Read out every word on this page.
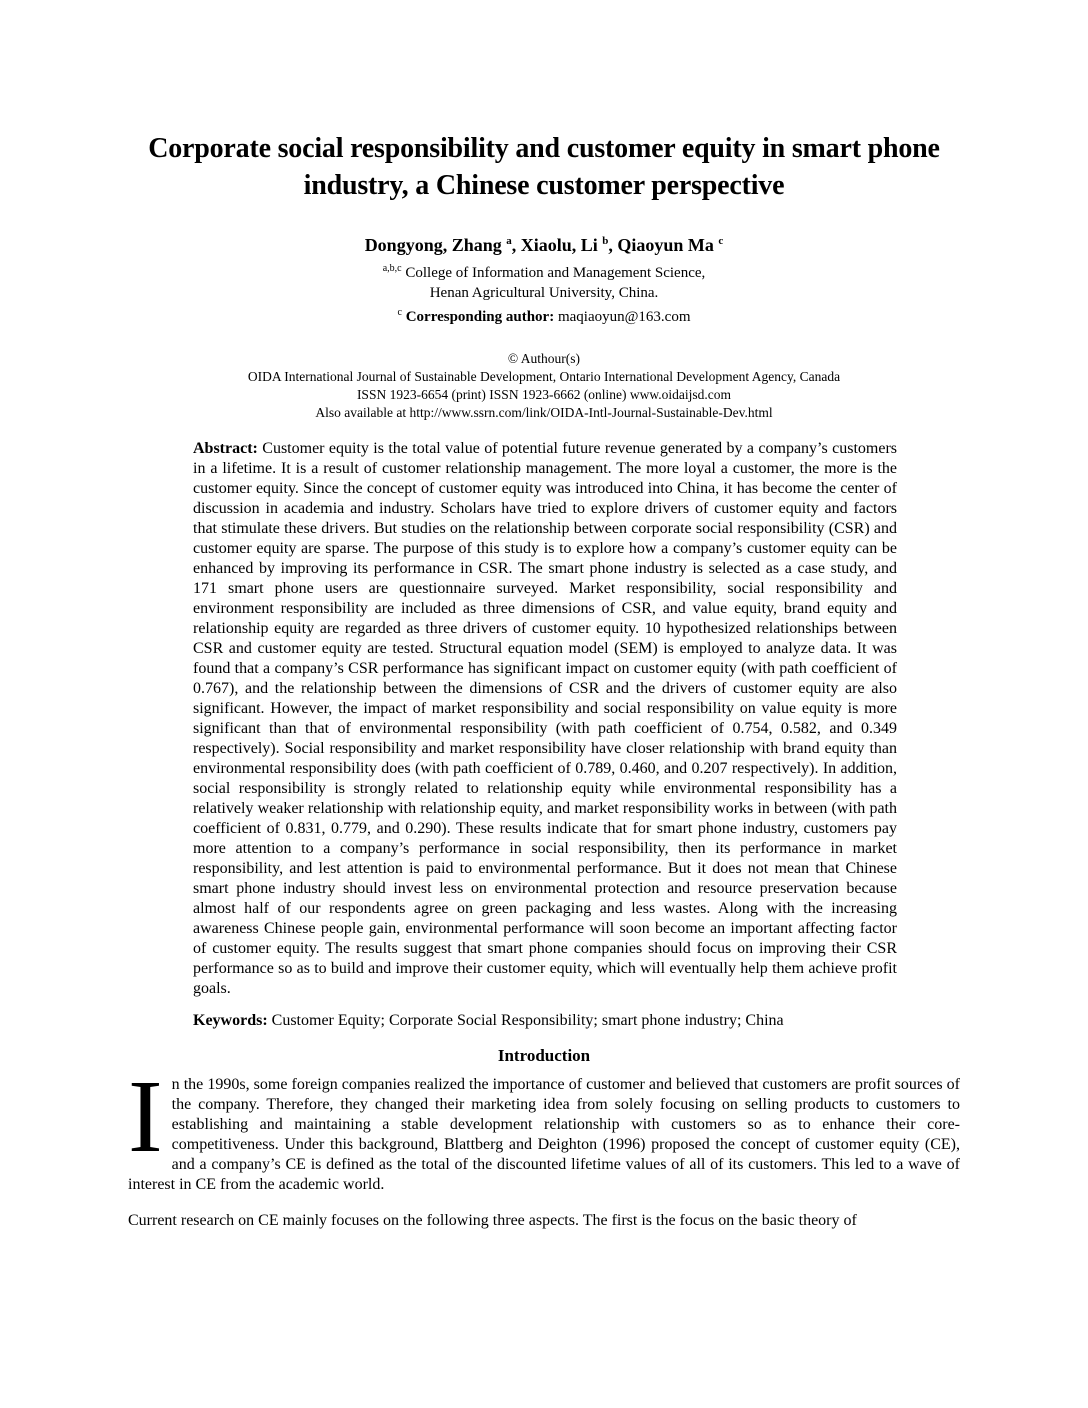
Corporate social responsibility and customer equity in smart phone industry, a Chinese customer perspective
Dongyong, Zhang $^a$, Xiaolu, Li $^b$, Qiaoyun Ma $^c$
$^{a,b,c}$ College of Information and Management Science,
Henan Agricultural University, China.
$^c$ Corresponding author: maqiaoyun@163.com
© Authour(s)
OIDA International Journal of Sustainable Development, Ontario International Development Agency, Canada
ISSN 1923-6654 (print) ISSN 1923-6662 (online) www.oidaijsd.com
Also available at http://www.ssrn.com/link/OIDA-Intl-Journal-Sustainable-Dev.html

Abstract: Customer equity is the total value of potential future revenue generated by a company’s customers in a lifetime. It is a result of customer relationship management. The more loyal a customer, the more is the customer equity. Since the concept of customer equity was introduced into China, it has become the center of discussion in academia and industry. Scholars have tried to explore drivers of customer equity and factors that stimulate these drivers. But studies on the relationship between corporate social responsibility (CSR) and customer equity are sparse. The purpose of this study is to explore how a company’s customer equity can be enhanced by improving its performance in CSR. The smart phone industry is selected as a case study, and 171 smart phone users are questionnaire surveyed. Market responsibility, social responsibility and environment responsibility are included as three dimensions of CSR, and value equity, brand equity and relationship equity are regarded as three drivers of customer equity. 10 hypothesized relationships between CSR and customer equity are tested. Structural equation model (SEM) is employed to analyze data. It was found that a company’s CSR performance has significant impact on customer equity (with path coefficient of 0.767), and the relationship between the dimensions of CSR and the drivers of customer equity are also significant. However, the impact of market responsibility and social responsibility on value equity is more significant than that of environmental responsibility (with path coefficient of 0.754, 0.582, and 0.349 respectively). Social responsibility and market responsibility have closer relationship with brand equity than environmental responsibility does (with path coefficient of 0.789, 0.460, and 0.207 respectively). In addition, social responsibility is strongly related to relationship equity while environmental responsibility has a relatively weaker relationship with relationship equity, and market responsibility works in between (with path coefficient of 0.831, 0.779, and 0.290). These results indicate that for smart phone industry, customers pay more attention to a company’s performance in social responsibility, then its performance in market responsibility, and lest attention is paid to environmental performance. But it does not mean that Chinese smart phone industry should invest less on environmental protection and resource preservation because almost half of our respondents agree on green packaging and less wastes. Along with the increasing awareness Chinese people gain, environmental performance will soon become an important affecting factor of customer equity. The results suggest that smart phone companies should focus on improving their CSR performance so as to build and improve their customer equity, which will eventually help them achieve profit goals.

Keywords: Customer Equity; Corporate Social Responsibility; smart phone industry; China

Introduction

In the 1990s, some foreign companies realized the importance of customer and believed that customers are profit sources of the company. Therefore, they changed their marketing idea from solely focusing on selling products to customers to establishing and maintaining a stable development relationship with customers so as to enhance their core-competitiveness. Under this background, Blattberg and Deighton (1996) proposed the concept of customer equity (CE), and a company’s CE is defined as the total of the discounted lifetime values of all of its customers. This led to a wave of interest in CE from the academic world.

Current research on CE mainly focuses on the following three aspects. The first is the focus on the basic theory of
